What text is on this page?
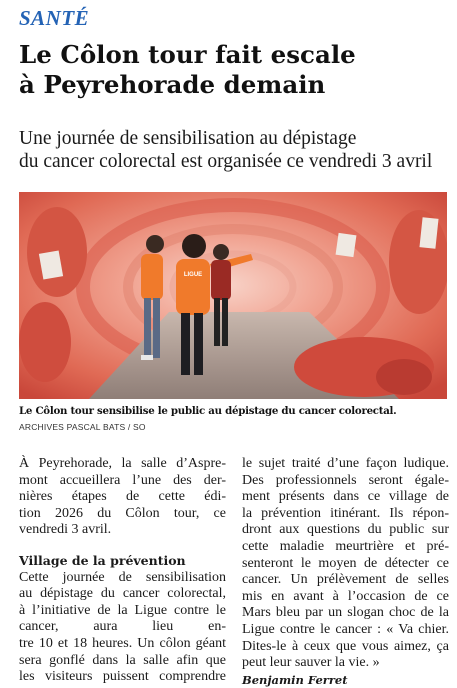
SANTÉ
Le Côlon tour fait escale
à Peyrehorade demain
Une journée de sensibilisation au dépistage
du cancer colorectal est organisée ce vendredi 3 avril
LIGUE
Le Côlon tour sensibilise le public au dépistage du cancer colorectal.
ARCHIVES PASCAL BATS / SO
À Peyrehorade, la salle d’Aspre-
mont accueillera l’une des der-
nières étapes de cette édi-
tion 2026 du Côlon tour, ce
vendredi 3 avril.
Village de la prévention
Cette journée de sensibilisation
au dépistage du cancer colorectal,
à l’initiative de la Ligue contre le
cancer, aura lieu en-
tre 10 et 18 heures. Un côlon géant
sera gonflé dans la salle afin que
les visiteurs puissent comprendre
le sujet traité d’une façon ludique.
Des professionnels seront égale-
ment présents dans ce village de
la prévention itinérant. Ils répon-
dront aux questions du public sur
cette maladie meurtrière et pré-
senteront le moyen de détecter ce
cancer. Un prélèvement de selles
mis en avant à l’occasion de ce
Mars bleu par un slogan choc de la
Ligue contre le cancer : « Va chier.
Dites-le à ceux que vous aimez, ça
peut leur sauver la vie. »
Benjamin Ferret
